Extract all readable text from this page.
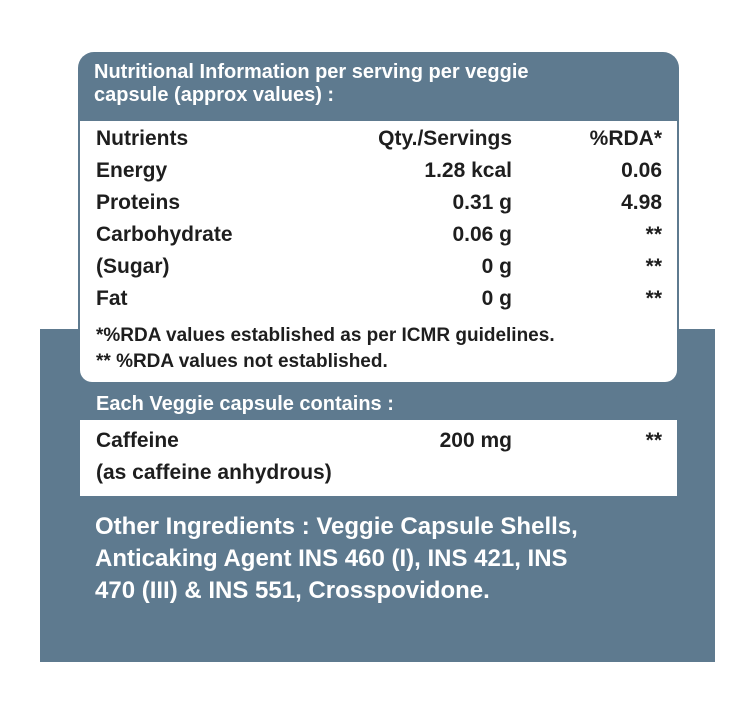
Nutritional Information per serving per veggie
capsule (approx values) :
Nutrients	Qty./Servings	%RDA*
Energy	1.28 kcal	0.06
Proteins	0.31 g	4.98
Carbohydrate	0.06 g	**
(Sugar)	0 g	**
Fat	0 g	**
*%RDA values established as per ICMR guidelines.
** %RDA values not established.
Each Veggie capsule contains :
Caffeine	200 mg	**
(as caffeine anhydrous)
Other Ingredients : Veggie Capsule Shells,
Anticaking Agent INS 460 (I), INS 421, INS
470 (III) & INS 551, Crosspovidone.
